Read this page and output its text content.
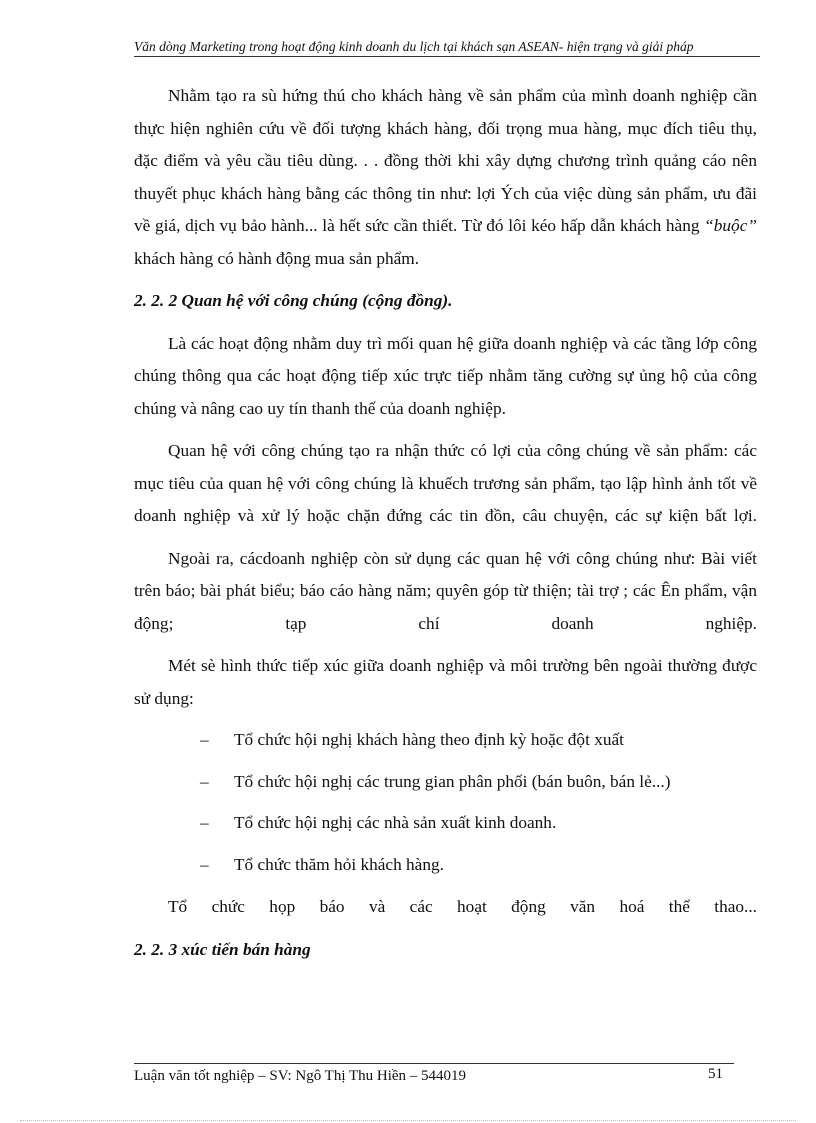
Văn dòng Marketing trong hoạt động kinh doanh du lịch tại khách sạn ASEAN- hiện trạng và giải pháp

Nhằm tạo ra sù hứng thú cho khách hàng về sản phẩm của mình doanh nghiệp cần thực hiện nghiên cứu về đối tượng khách hàng, đối trọng mua hàng, mục đích tiêu thụ, đặc điểm và yêu cầu tiêu dùng. . . đồng thời khi xây dựng chương trình quảng cáo nên thuyết phục khách hàng bằng các thông tin như: lợi Ých của việc dùng sản phẩm, ưu đãi về giá, dịch vụ bảo hành... là hết sức cần thiết. Từ đó lôi kéo hấp dẫn khách hàng “buộc” khách hàng có hành động mua sản phẩm.

2. 2. 2 Quan hệ với công chúng (cộng đồng).

Là các hoạt động nhằm duy trì mối quan hệ giữa doanh nghiệp và các tầng lớp công chúng thông qua các hoạt động tiếp xúc trực tiếp nhằm tăng cường sự ủng hộ của công chúng và nâng cao uy tín thanh thế của doanh nghiệp.

Quan hệ với công chúng tạo ra nhận thức có lợi của công chúng về sản phẩm: các mục tiêu của quan hệ với công chúng là khuếch trương sản phẩm, tạo lập hình ảnh tốt về doanh nghiệp và xử lý hoặc chặn đứng các tin đồn, câu chuyện, các sự kiện bất lợi.

Ngoài ra, cácdoanh nghiệp còn sử dụng các quan hệ với công chúng như: Bài viết trên báo; bài phát biểu; báo cáo hàng năm; quyên góp từ thiện; tài trợ ; các Ên phẩm, vận động; tạp chí doanh nghiệp.

Mét sè hình thức tiếp xúc giữa doanh nghiệp và môi trường bên ngoài thường được sử dụng:

– Tổ chức hội nghị khách hàng theo định kỳ hoặc đột xuất
– Tổ chức hội nghị các trung gian phân phối (bán buôn, bán lẻ...)
– Tổ chức hội nghị các nhà sản xuất kinh doanh.
– Tổ chức thăm hỏi khách hàng.

Tổ chức họp báo và các hoạt động văn hoá thể thao...

2. 2. 3 xúc tiến bán hàng

Luận văn tốt nghiệp – SV: Ngô Thị Thu Hiền – 544019	51
